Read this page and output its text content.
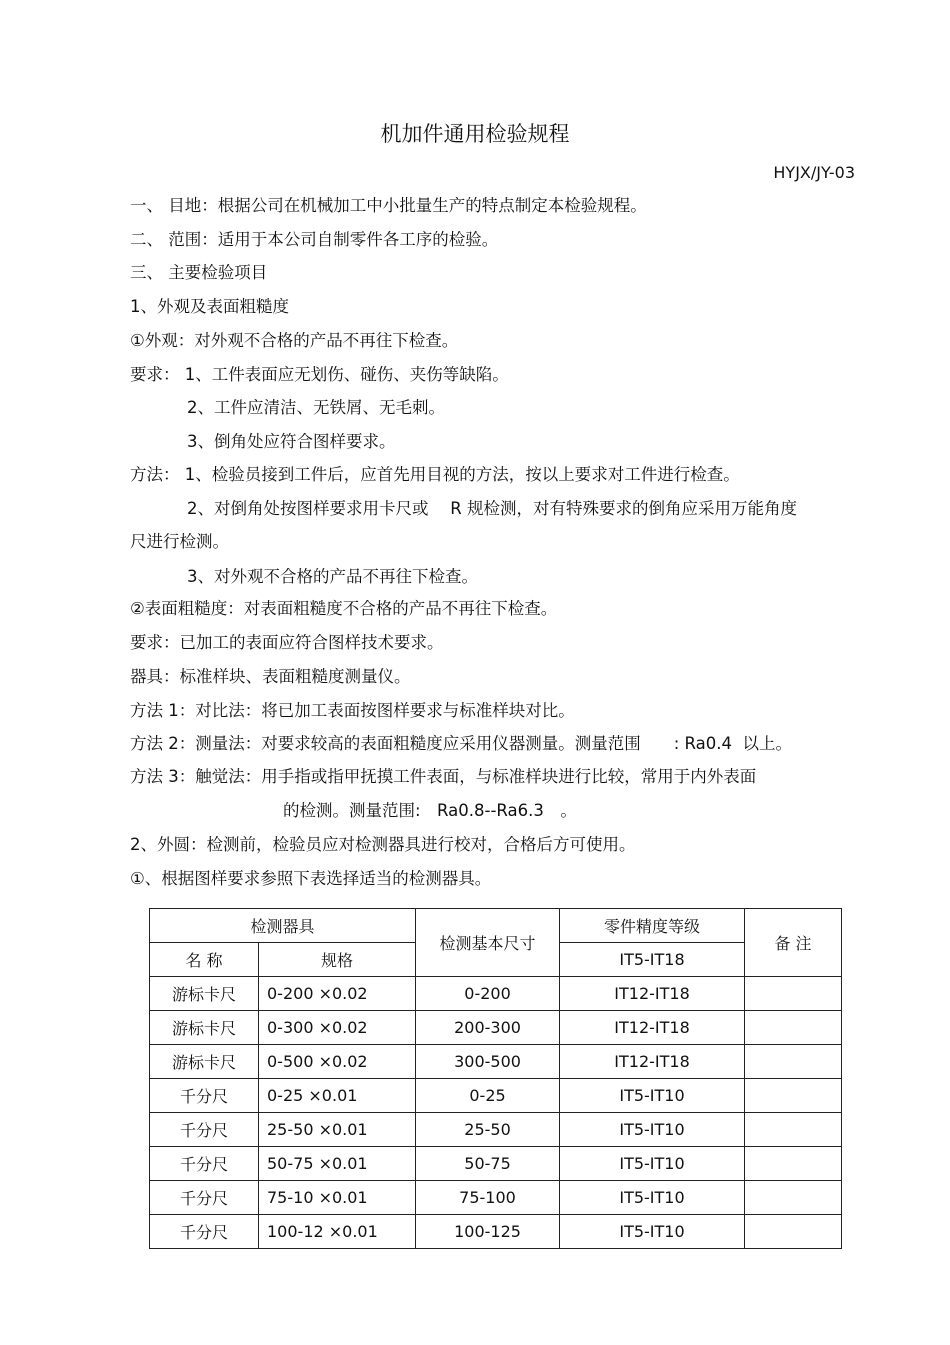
机加件通用检验规程
HYJX/JY-03
一、 目地：根据公司在机械加工中小批量生产的特点制定本检验规程。
二、 范围：适用于本公司自制零件各工序的检验。
三、 主要检验项目
1、外观及表面粗糙度
①外观：对外观不合格的产品不再往下检查。
要求： 1、工件表面应无划伤、碰伤、夹伤等缺陷。
2、工件应清洁、无铁屑、无毛刺。
3、倒角处应符合图样要求。
方法： 1、检验员接到工件后，应首先用目视的方法，按以上要求对工件进行检查。
2、对倒角处按图样要求用卡尺或　 R 规检测，对有特殊要求的倒角应采用万能角度
尺进行检测。
3、对外观不合格的产品不再往下检查。
②表面粗糙度：对表面粗糙度不合格的产品不再往下检查。
要求：已加工的表面应符合图样技术要求。
器具：标准样块、表面粗糙度测量仪。
方法 1：对比法：将已加工表面按图样要求与标准样块对比。
方法 2：测量法：对要求较高的表面粗糙度应采用仪器测量。测量范围　　: Ra0.4  以上。
方法 3：触觉法：用手指或指甲抚摸工件表面，与标准样块进行比较，常用于内外表面
的检测。测量范围:　Ra0.8--Ra6.3　。
2、外圆：检测前，检验员应对检测器具进行校对，合格后方可使用。
①、根据图样要求参照下表选择适当的检测器具。
检测器具		检测基本尺寸	零件精度等级	备 注
名 称	规格		IT5-IT18	
游标卡尺	0-200 ×0.02	0-200	IT12-IT18	
游标卡尺	0-300 ×0.02	200-300	IT12-IT18	
游标卡尺	0-500 ×0.02	300-500	IT12-IT18	
千分尺	0-25 ×0.01	0-25	IT5-IT10	
千分尺	25-50 ×0.01	25-50	IT5-IT10	
千分尺	50-75 ×0.01	50-75	IT5-IT10	
千分尺	75-10 ×0.01	75-100	IT5-IT10	
千分尺	100-12 ×0.01	100-125	IT5-IT10	
